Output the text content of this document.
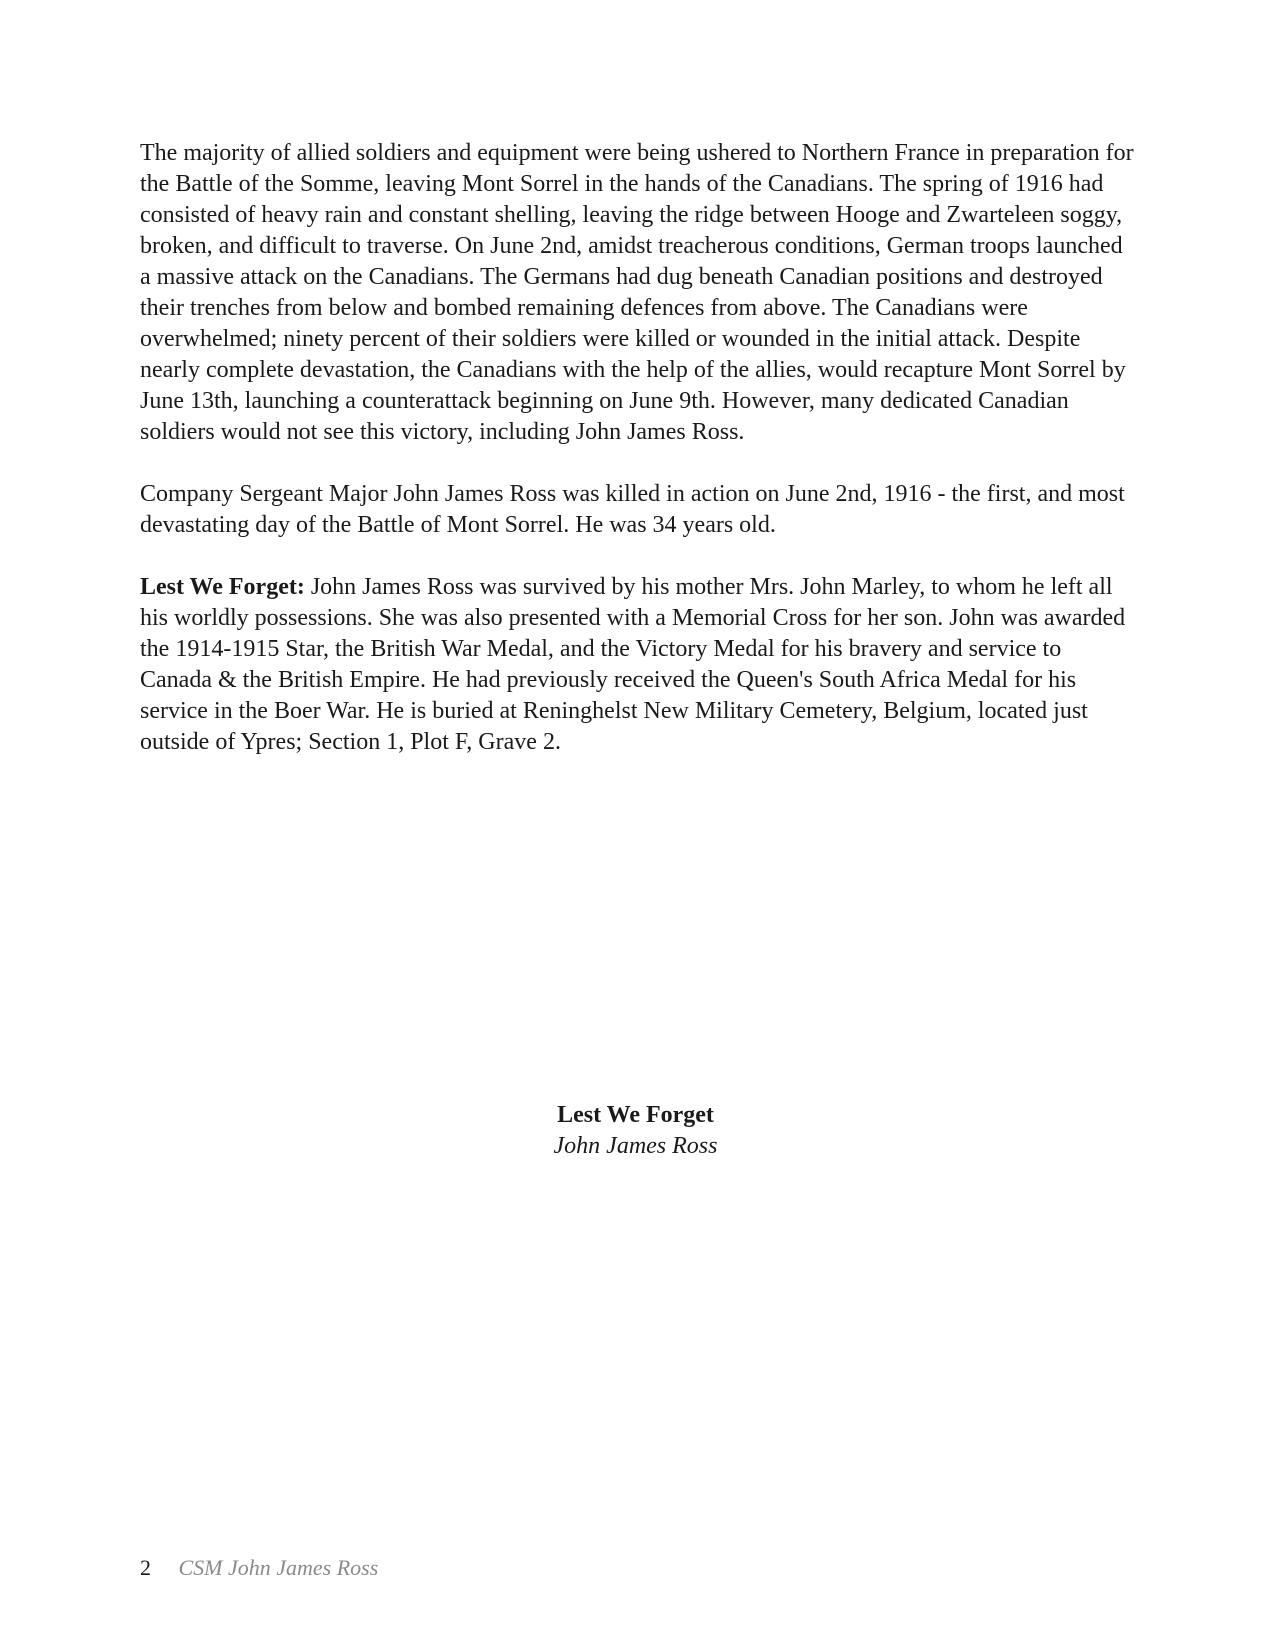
The majority of allied soldiers and equipment were being ushered to Northern France in preparation for the Battle of the Somme, leaving Mont Sorrel in the hands of the Canadians. The spring of 1916 had consisted of heavy rain and constant shelling, leaving the ridge between Hooge and Zwarteleen soggy, broken, and difficult to traverse. On June 2nd, amidst treacherous conditions, German troops launched a massive attack on the Canadians. The Germans had dug beneath Canadian positions and destroyed their trenches from below and bombed remaining defences from above. The Canadians were overwhelmed; ninety percent of their soldiers were killed or wounded in the initial attack. Despite nearly complete devastation, the Canadians with the help of the allies, would recapture Mont Sorrel by June 13th, launching a counterattack beginning on June 9th. However, many dedicated Canadian soldiers would not see this victory, including John James Ross.

Company Sergeant Major John James Ross was killed in action on June 2nd, 1916 - the first, and most devastating day of the Battle of Mont Sorrel. He was 34 years old.

Lest We Forget: John James Ross was survived by his mother Mrs. John Marley, to whom he left all his worldly possessions. She was also presented with a Memorial Cross for her son. John was awarded the 1914-1915 Star, the British War Medal, and the Victory Medal for his bravery and service to Canada & the British Empire. He had previously received the Queen's South Africa Medal for his service in the Boer War. He is buried at Reninghelst New Military Cemetery, Belgium, located just outside of Ypres; Section 1, Plot F, Grave 2.

Lest We Forget
John James Ross
2 CSM John James Ross
